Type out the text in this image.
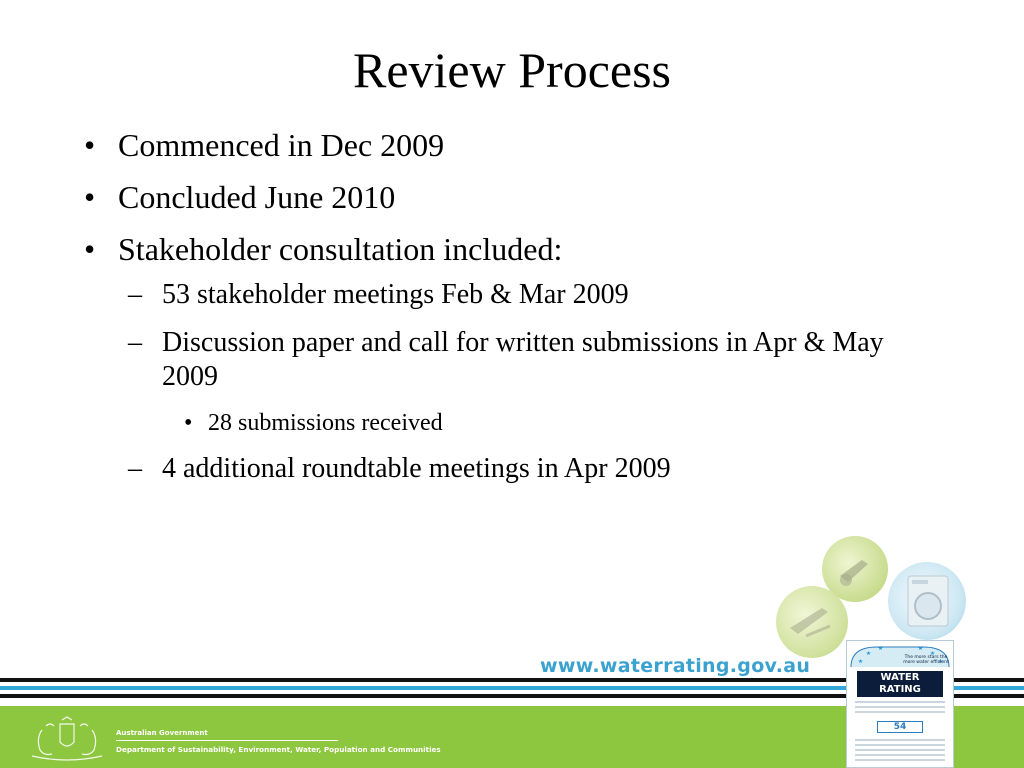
Review Process
• Commenced in Dec 2009
• Concluded June 2010
• Stakeholder consultation included:
– 53 stakeholder meetings Feb & Mar 2009
– Discussion paper and call for written submissions in Apr & May 2009
• 28 submissions received
– 4 additional roundtable meetings in Apr 2009
www.waterrating.gov.au
Australian Government
Department of Sustainability, Environment, Water, Population and Communities
The more stars the more water efficient
WATER
RATING
54
